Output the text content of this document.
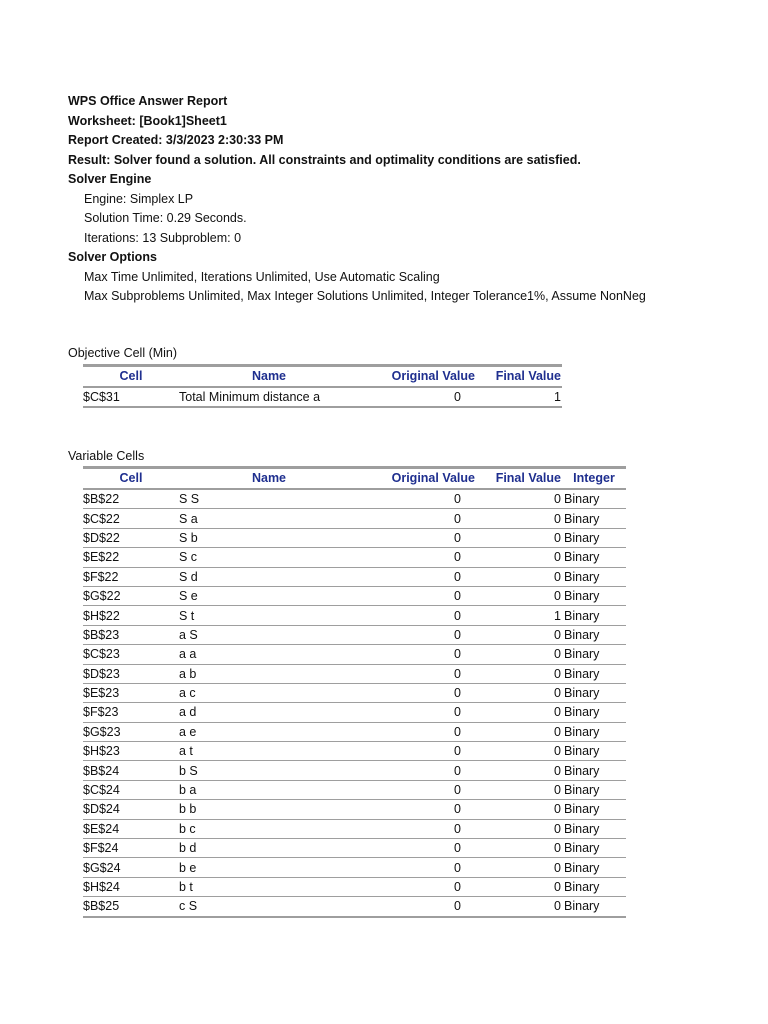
WPS Office Answer Report
Worksheet: [Book1]Sheet1
Report Created: 3/3/2023 2:30:33 PM
Result: Solver found a solution. All constraints and optimality conditions are satisfied.
Solver Engine
Engine: Simplex LP
Solution Time: 0.29 Seconds.
Iterations: 13 Subproblem: 0
Solver Options
Max Time Unlimited, Iterations Unlimited, Use Automatic Scaling
Max Subproblems Unlimited, Max Integer Solutions Unlimited, Integer Tolerance1%, Assume NonNeg
Objective Cell (Min)
Cell	Name	Original Value	Final Value
$C$31	Total Minimum distance a	0	1
Variable Cells
Cell	Name	Original Value	Final Value	Integer
$B$22	S S	0	0	Binary
$C$22	S a	0	0	Binary
$D$22	S b	0	0	Binary
$E$22	S c	0	0	Binary
$F$22	S d	0	0	Binary
$G$22	S e	0	0	Binary
$H$22	S t	0	1	Binary
$B$23	a S	0	0	Binary
$C$23	a a	0	0	Binary
$D$23	a b	0	0	Binary
$E$23	a c	0	0	Binary
$F$23	a d	0	0	Binary
$G$23	a e	0	0	Binary
$H$23	a t	0	0	Binary
$B$24	b S	0	0	Binary
$C$24	b a	0	0	Binary
$D$24	b b	0	0	Binary
$E$24	b c	0	0	Binary
$F$24	b d	0	0	Binary
$G$24	b e	0	0	Binary
$H$24	b t	0	0	Binary
$B$25	c S	0	0	Binary
